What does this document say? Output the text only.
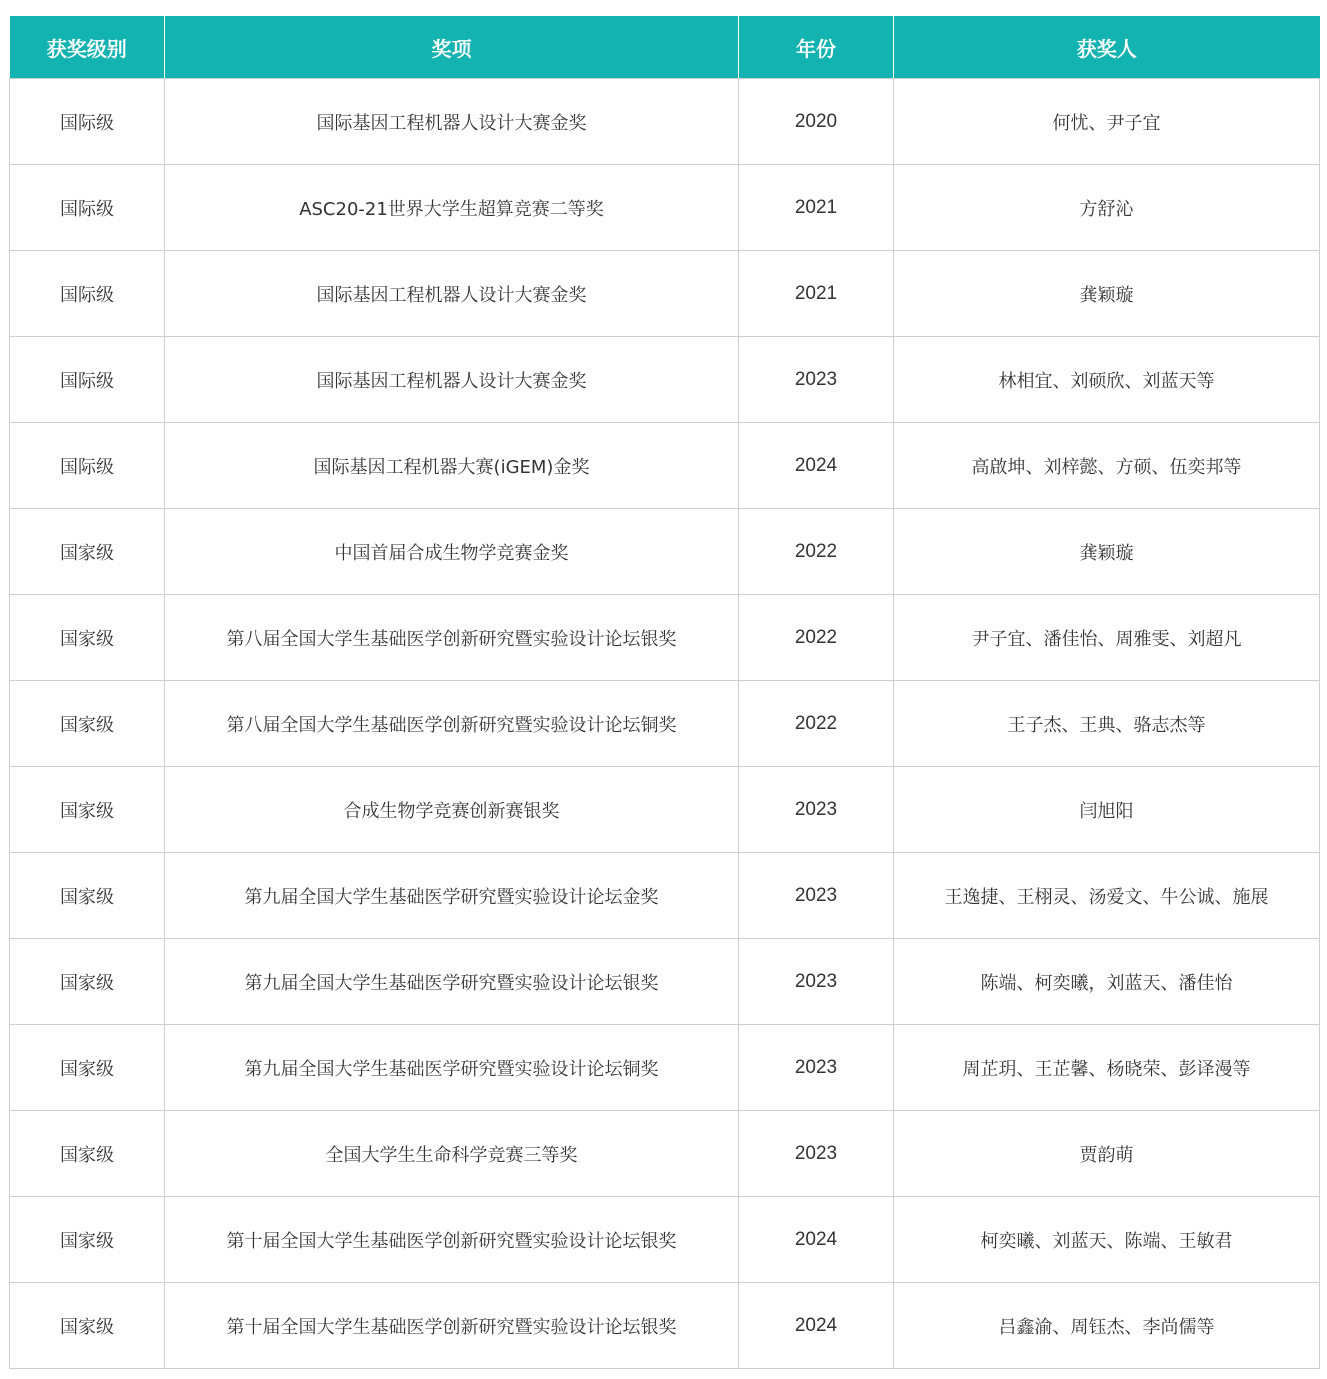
获奖级别	奖项	年份	获奖人
国际级	国际基因工程机器人设计大赛金奖	2020	何忧、尹子宜
国际级	ASC20-21世界大学生超算竞赛二等奖	2021	方舒沁
国际级	国际基因工程机器人设计大赛金奖	2021	龚颖璇
国际级	国际基因工程机器人设计大赛金奖	2023	林相宜、刘硕欣、刘蓝天等
国际级	国际基因工程机器大赛(iGEM)金奖	2024	高啟坤、刘梓懿、方硕、伍奕邦等
国家级	中国首届合成生物学竞赛金奖	2022	龚颖璇
国家级	第八届全国大学生基础医学创新研究暨实验设计论坛银奖	2022	尹子宜、潘佳怡、周雅雯、刘超凡
国家级	第八届全国大学生基础医学创新研究暨实验设计论坛铜奖	2022	王子杰、王典、骆志杰等
国家级	合成生物学竞赛创新赛银奖	2023	闫旭阳
国家级	第九届全国大学生基础医学研究暨实验设计论坛金奖	2023	王逸捷、王栩灵、汤爱文、牛公诚、施展
国家级	第九届全国大学生基础医学研究暨实验设计论坛银奖	2023	陈端、柯奕曦，刘蓝天、潘佳怡
国家级	第九届全国大学生基础医学研究暨实验设计论坛铜奖	2023	周芷玥、王芷馨、杨晓荣、彭译漫等
国家级	全国大学生生命科学竞赛三等奖	2023	贾韵萌
国家级	第十届全国大学生基础医学创新研究暨实验设计论坛银奖	2024	柯奕曦、刘蓝天、陈端、王敏君
国家级	第十届全国大学生基础医学创新研究暨实验设计论坛银奖	2024	吕鑫渝、周钰杰、李尚儒等
